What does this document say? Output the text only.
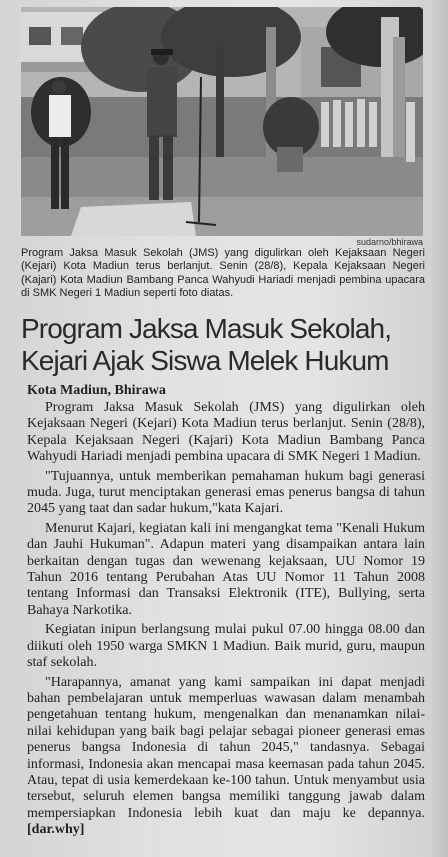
sudarno/bhirawa
Program Jaksa Masuk Sekolah (JMS) yang digulirkan oleh Kejaksaan Negeri (Kejari) Kota Madiun terus berlanjut. Senin (28/8), Kepala Kejaksaan Negeri (Kajari) Kota Madiun Bambang Panca Wahyudi Hariadi menjadi pembina upacara di SMK Negeri 1 Madiun seperti foto diatas.
Program Jaksa Masuk Sekolah, Kejari Ajak Siswa Melek Hukum
Kota Madiun, Bhirawa

Program Jaksa Masuk Sekolah (JMS) yang digulirkan oleh Kejaksaan Negeri (Kejari) Kota Madiun terus berlanjut. Senin (28/8), Kepala Kejaksaan Negeri (Kajari) Kota Madiun Bambang Panca Wahyudi Hariadi menjadi pembina upacara di SMK Negeri 1 Madiun.

"Tujuannya, untuk memberikan pemahaman hukum bagi generasi muda. Juga, turut menciptakan generasi emas penerus bangsa di tahun 2045 yang taat dan sadar hukum,"kata Kajari.

Menurut Kajari, kegiatan kali ini mengangkat tema "Kenali Hukum dan Jauhi Hukuman". Adapun materi yang disampaikan antara lain berkaitan dengan tugas dan wewenang kejaksaan, UU Nomor 19 Tahun 2016 tentang Perubahan Atas UU Nomor 11 Tahun 2008 tentang Informasi dan Transaksi Elektronik (ITE), Bullying, serta Bahaya Narkotika.

Kegiatan inipun berlangsung mulai pukul 07.00 hingga 08.00 dan diikuti oleh 1950 warga SMKN 1 Madiun. Baik murid, guru, maupun staf sekolah.

"Harapannya, amanat yang kami sampaikan ini dapat menjadi bahan pembelajaran untuk memperluas wawasan dalam menambah pengetahuan tentang hukum, mengenalkan dan menanamkan nilai-nilai kehidupan yang baik bagi pelajar sebagai pioneer generasi emas penerus bangsa Indonesia di tahun 2045," tandasnya. Sebagai informasi, Indonesia akan mencapai masa keemasan pada tahun 2045. Atau, tepat di usia kemerdekaan ke-100 tahun. Untuk menyambut usia tersebut, seluruh elemen bangsa memiliki tanggung jawab dalam mempersiapkan Indonesia lebih kuat dan maju ke depannya. [dar.why]
